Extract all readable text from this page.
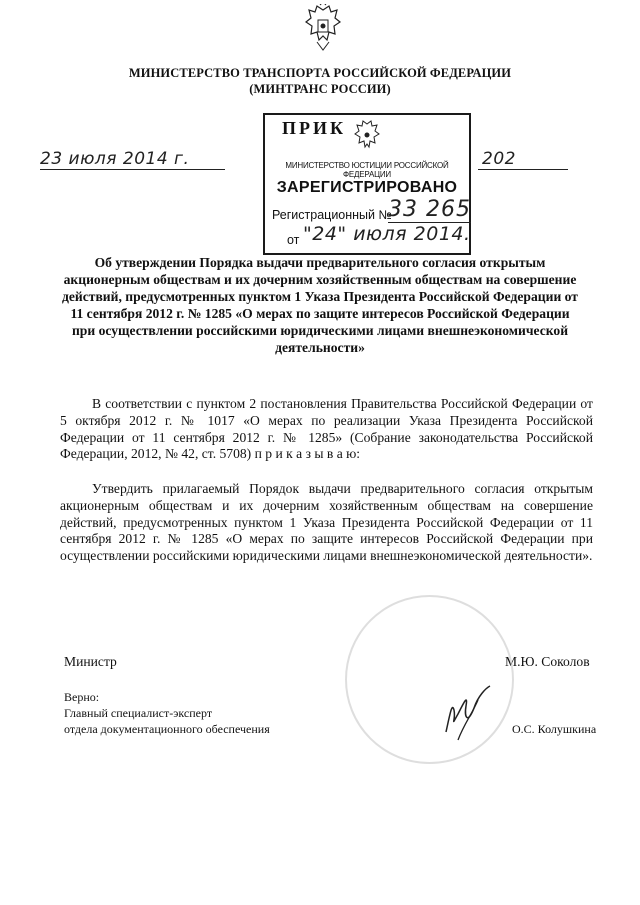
МИНИСТЕРСТВО ТРАНСПОРТА РОССИЙСКОЙ ФЕДЕРАЦИИ
(МИНТРАНС РОССИИ)
23 июля 2014 г.	202
ПРИК
МИНИСТЕРСТВО ЮСТИЦИИ РОССИЙСКОЙ ФЕДЕРАЦИИ
ЗАРЕГИСТРИРОВАНО
Регистрационный №
33 265
от "24" июля 2014.
Об утверждении Порядка выдачи предварительного согласия открытым акционерным обществам и их дочерним хозяйственным обществам на совершение действий, предусмотренных пунктом 1 Указа Президента Российской Федерации от 11 сентября 2012 г. № 1285 «О мерах по защите интересов Российской Федерации при осуществлении российскими юридическими лицами внешнеэкономической деятельности»
В соответствии с пунктом 2 постановления Правительства Российской Федерации от 5 октября 2012 г. № 1017 «О мерах по реализации Указа Президента Российской Федерации от 11 сентября 2012 г. № 1285» (Собрание законодательства Российской Федерации, 2012, № 42, ст. 5708) п р и к а з ы в а ю:
Утвердить прилагаемый Порядок выдачи предварительного согласия открытым акционерным обществам и их дочерним хозяйственным обществам на совершение действий, предусмотренных пунктом 1 Указа Президента Российской Федерации от 11 сентября 2012 г. № 1285 «О мерах по защите интересов Российской Федерации при осуществлении российскими юридическими лицами внешнеэкономической деятельности».
Министр	М.Ю. Соколов
Верно:
Главный специалист-эксперт
отдела документационного обеспечения	О.С. Колушкина
